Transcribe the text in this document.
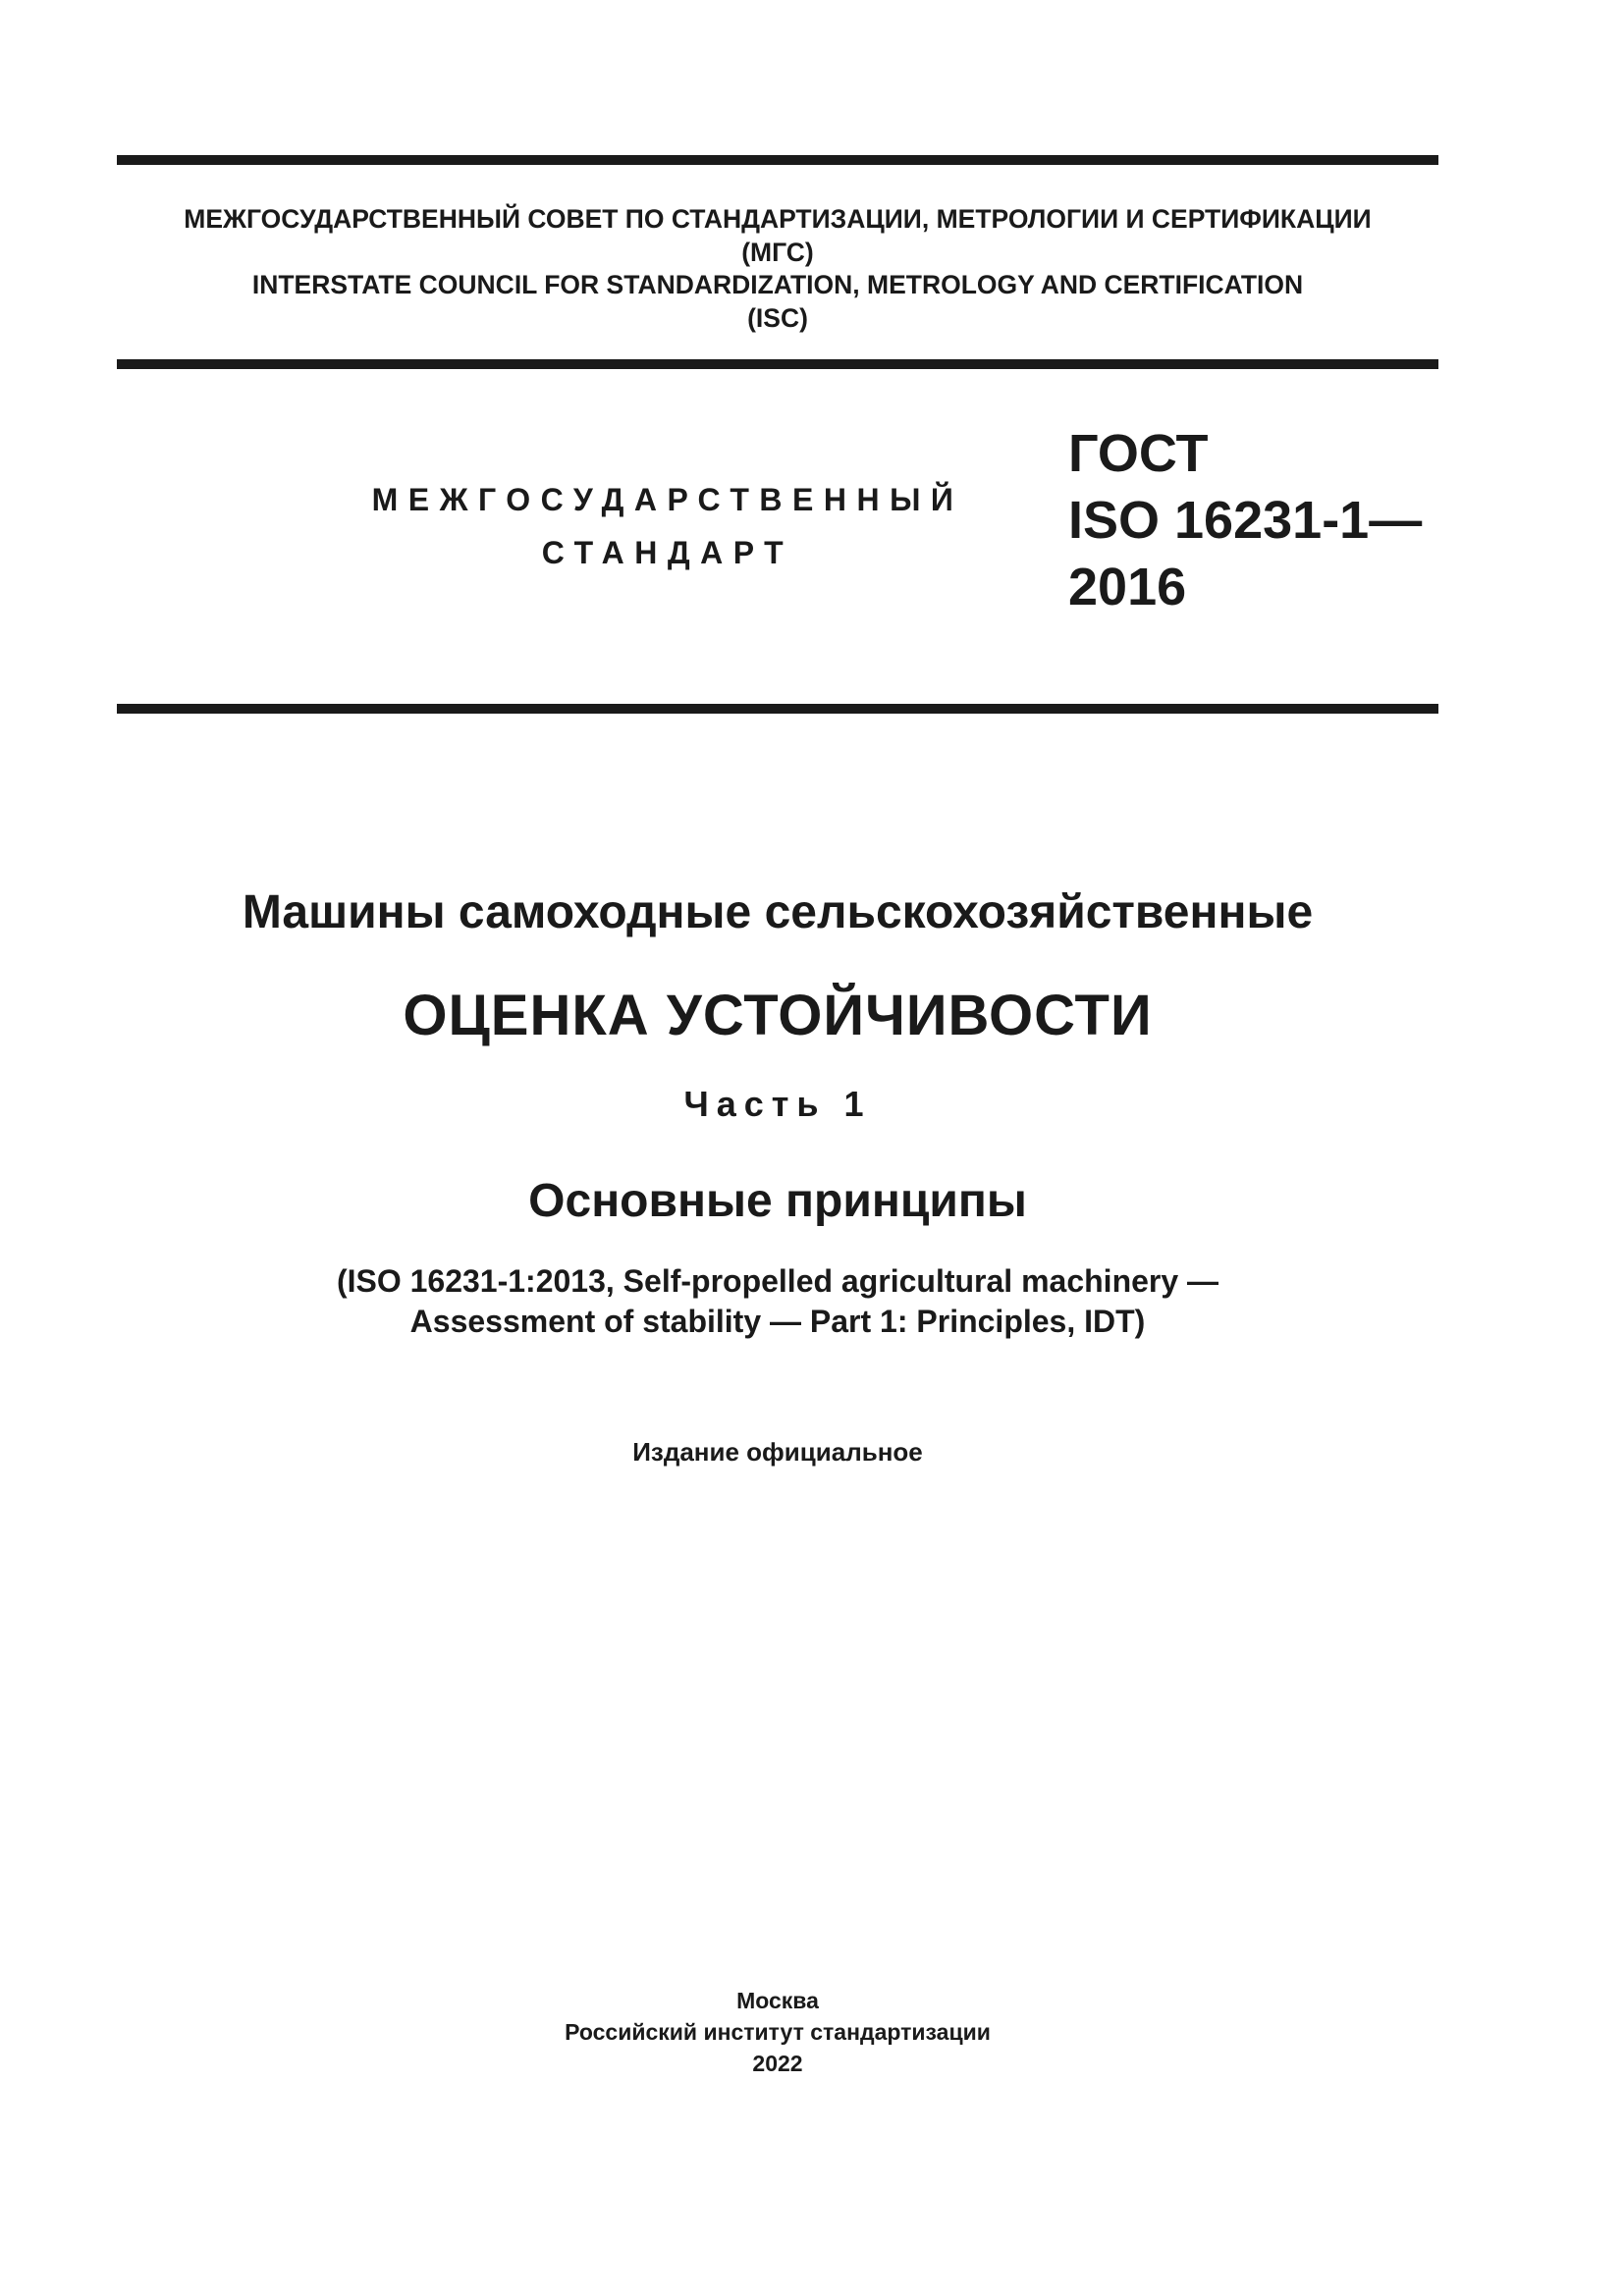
МЕЖГОСУДАРСТВЕННЫЙ СОВЕТ ПО СТАНДАРТИЗАЦИИ, МЕТРОЛОГИИ И СЕРТИФИКАЦИИ
(МГС)
INTERSTATE COUNCIL FOR STANDARDIZATION, METROLOGY AND CERTIFICATION
(ISC)
МЕЖГОСУДАРСТВЕННЫЙ
СТАНДАРТ
ГОСТ
ISO 16231-1—
2016
Машины самоходные сельскохозяйственные
ОЦЕНКА УСТОЙЧИВОСТИ
Часть 1
Основные принципы
(ISO 16231-1:2013, Self-propelled agricultural machinery —
Assessment of stability — Part 1: Principles, IDT)
Издание официальное
Москва
Российский институт стандартизации
2022
